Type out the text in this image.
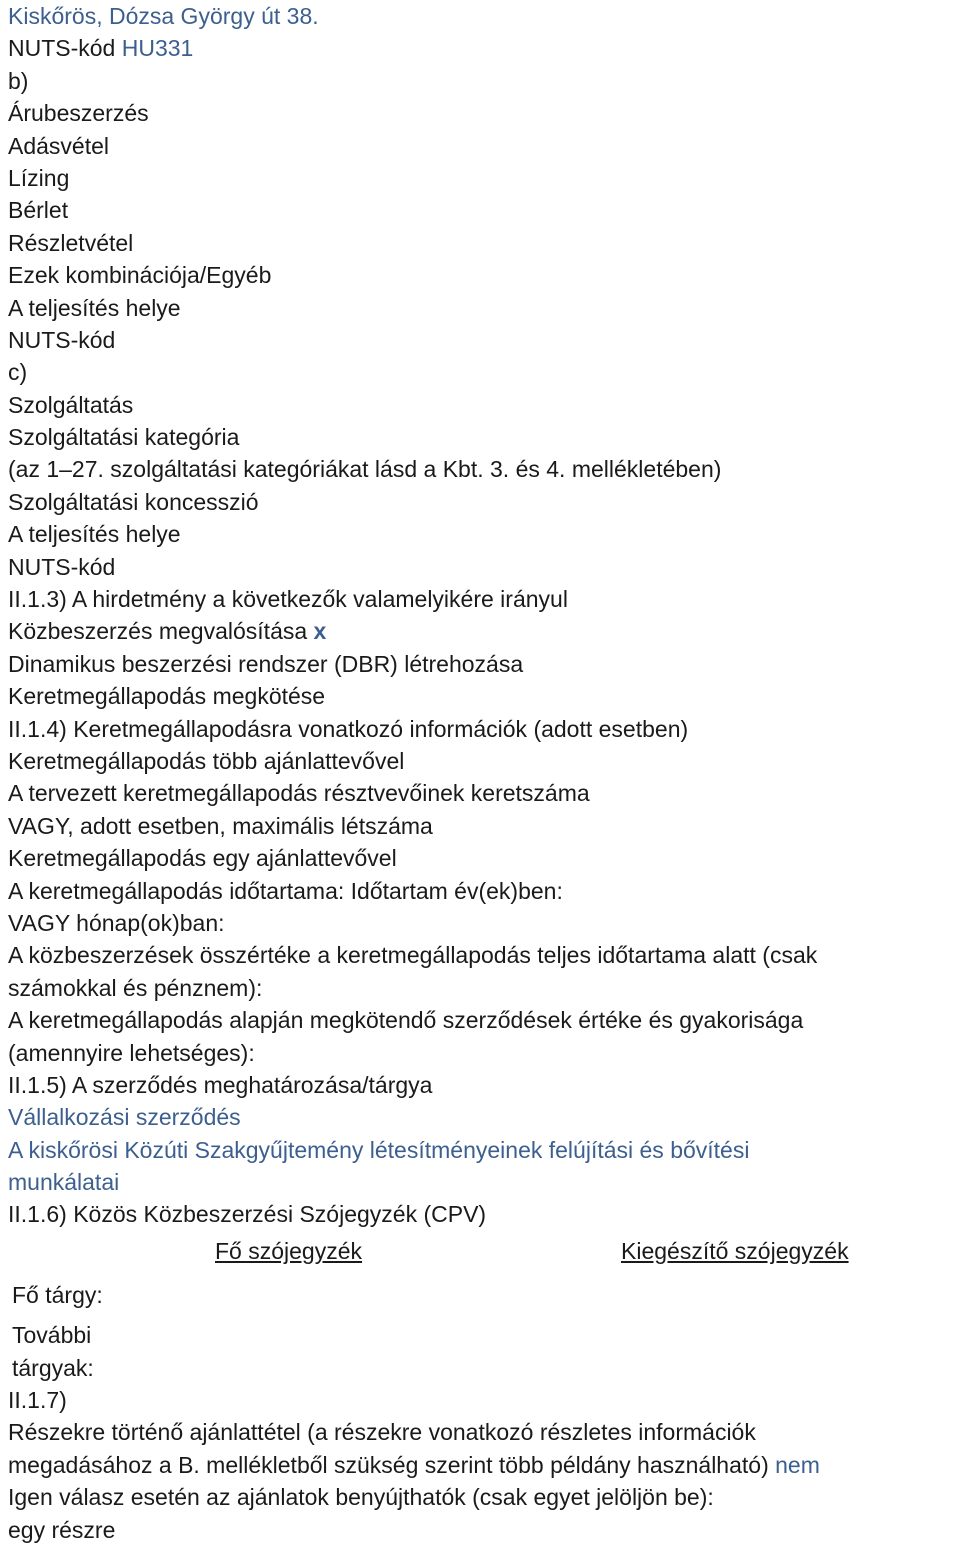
Kiskőrös, Dózsa György út 38.
NUTS-kód HU331
b)
Árubeszerzés
Adásvétel
Lízing
Bérlet
Részletvétel
Ezek kombinációja/Egyéb
A teljesítés helye
NUTS-kód
c)
Szolgáltatás
Szolgáltatási kategória
(az 1–27. szolgáltatási kategóriákat lásd a Kbt. 3. és 4. mellékletében)
Szolgáltatási koncesszió
A teljesítés helye
NUTS-kód
II.1.3) A hirdetmény a következők valamelyikére irányul
Közbeszerzés megvalósítása x
Dinamikus beszerzési rendszer (DBR) létrehozása
Keretmegállapodás megkötése
II.1.4) Keretmegállapodásra vonatkozó információk (adott esetben)
Keretmegállapodás több ajánlattevővel
A tervezett keretmegállapodás résztvevőinek keretszáma
VAGY, adott esetben, maximális létszáma
Keretmegállapodás egy ajánlattevővel
A keretmegállapodás időtartama: Időtartam év(ek)ben:
VAGY hónap(ok)ban:
A közbeszerzések összértéke a keretmegállapodás teljes időtartama alatt (csak
számokkal és pénznem):
A keretmegállapodás alapján megkötendő szerződések értéke és gyakorisága
(amennyire lehetséges):
II.1.5) A szerződés meghatározása/tárgya
Vállalkozási szerződés
A kiskőrösi Közúti Szakgyűjtemény létesítményeinek felújítási és bővítési
munkálatai
II.1.6) Közös Közbeszerzési Szójegyzék (CPV)
Fő szójegyzék	Kiegészítő szójegyzék
Fő tárgy:
További
tárgyak:
II.1.7)
Részekre történő ajánlattétel (a részekre vonatkozó részletes információk
megadásához a B. mellékletből szükség szerint több példány használható) nem
Igen válasz esetén az ajánlatok benyújthatók (csak egyet jelöljön be):
egy részre
